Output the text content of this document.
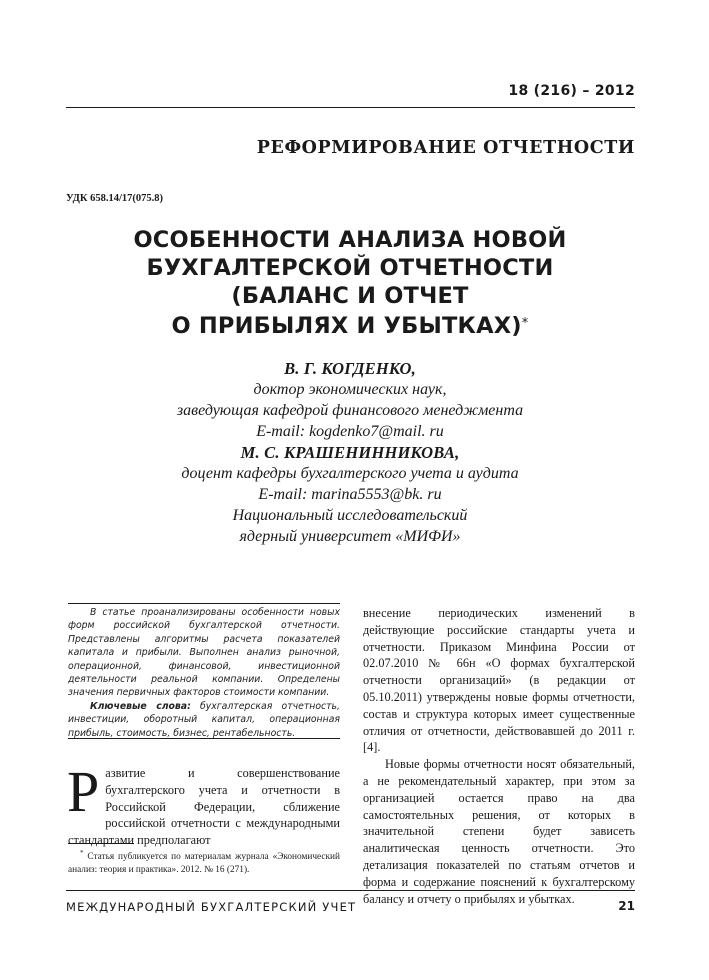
18 (216) – 2012
РЕФОРМИРОВАНИЕ ОТЧЕТНОСТИ
УДК 658.14/17(075.8)
ОСОБЕННОСТИ АНАЛИЗА НОВОЙ
БУХГАЛТЕРСКОЙ ОТЧЕТНОСТИ
(БАЛАНС И ОТЧЕТ
О ПРИБЫЛЯХ И УБЫТКАХ)*
В. Г. КОГДЕНКО,
доктор экономических наук,
заведующая кафедрой финансового менеджмента
E-mail: kogdenko7@mail. ru
М. С. КРАШЕНИННИКОВА,
доцент кафедры бухгалтерского учета и аудита
E-mail: marina5553@bk. ru
Национальный исследовательский
ядерный университет «МИФИ»

В статье проанализированы особенности новых форм российской бухгалтерской отчетности. Представлены алгоритмы расчета показателей капитала и прибыли. Выполнен анализ рыночной, операционной, финансовой, инвестиционной деятельности реальной компании. Определены значения первичных факторов стоимости компании.

Ключевые слова: бухгалтерская отчетность, инвестиции, оборотный капитал, операционная прибыль, стоимость, бизнес, рентабельность.

Развитие и совершенствование бухгалтерского учета и отчетности в Российской Федерации, сближение российской отчетности с международными стандартами предполагают

* Статья публикуется по материалам журнала «Экономический анализ: теория и практика». 2012. № 16 (271).

внесение периодических изменений в действующие российские стандарты учета и отчетности. Приказом Минфина России от 02.07.2010 № 66н «О формах бухгалтерской отчетности организаций» (в редакции от 05.10.2011) утверждены новые формы отчетности, состав и структура которых имеет существенные отличия от отчетности, действовавшей до 2011 г. [4].

Новые формы отчетности носят обязательный, а не рекомендательный характер, при этом за организацией остается право на два самостоятельных решения, от которых в значительной степени будет зависеть аналитическая ценность отчетности. Это детализация показателей по статьям отчетов и форма и содержание пояснений к бухгалтерскому балансу и отчету о прибылях и убытках.

МЕЖДУНАРОДНЫЙ БУХГАЛТЕРСКИЙ УЧЕТ	21
